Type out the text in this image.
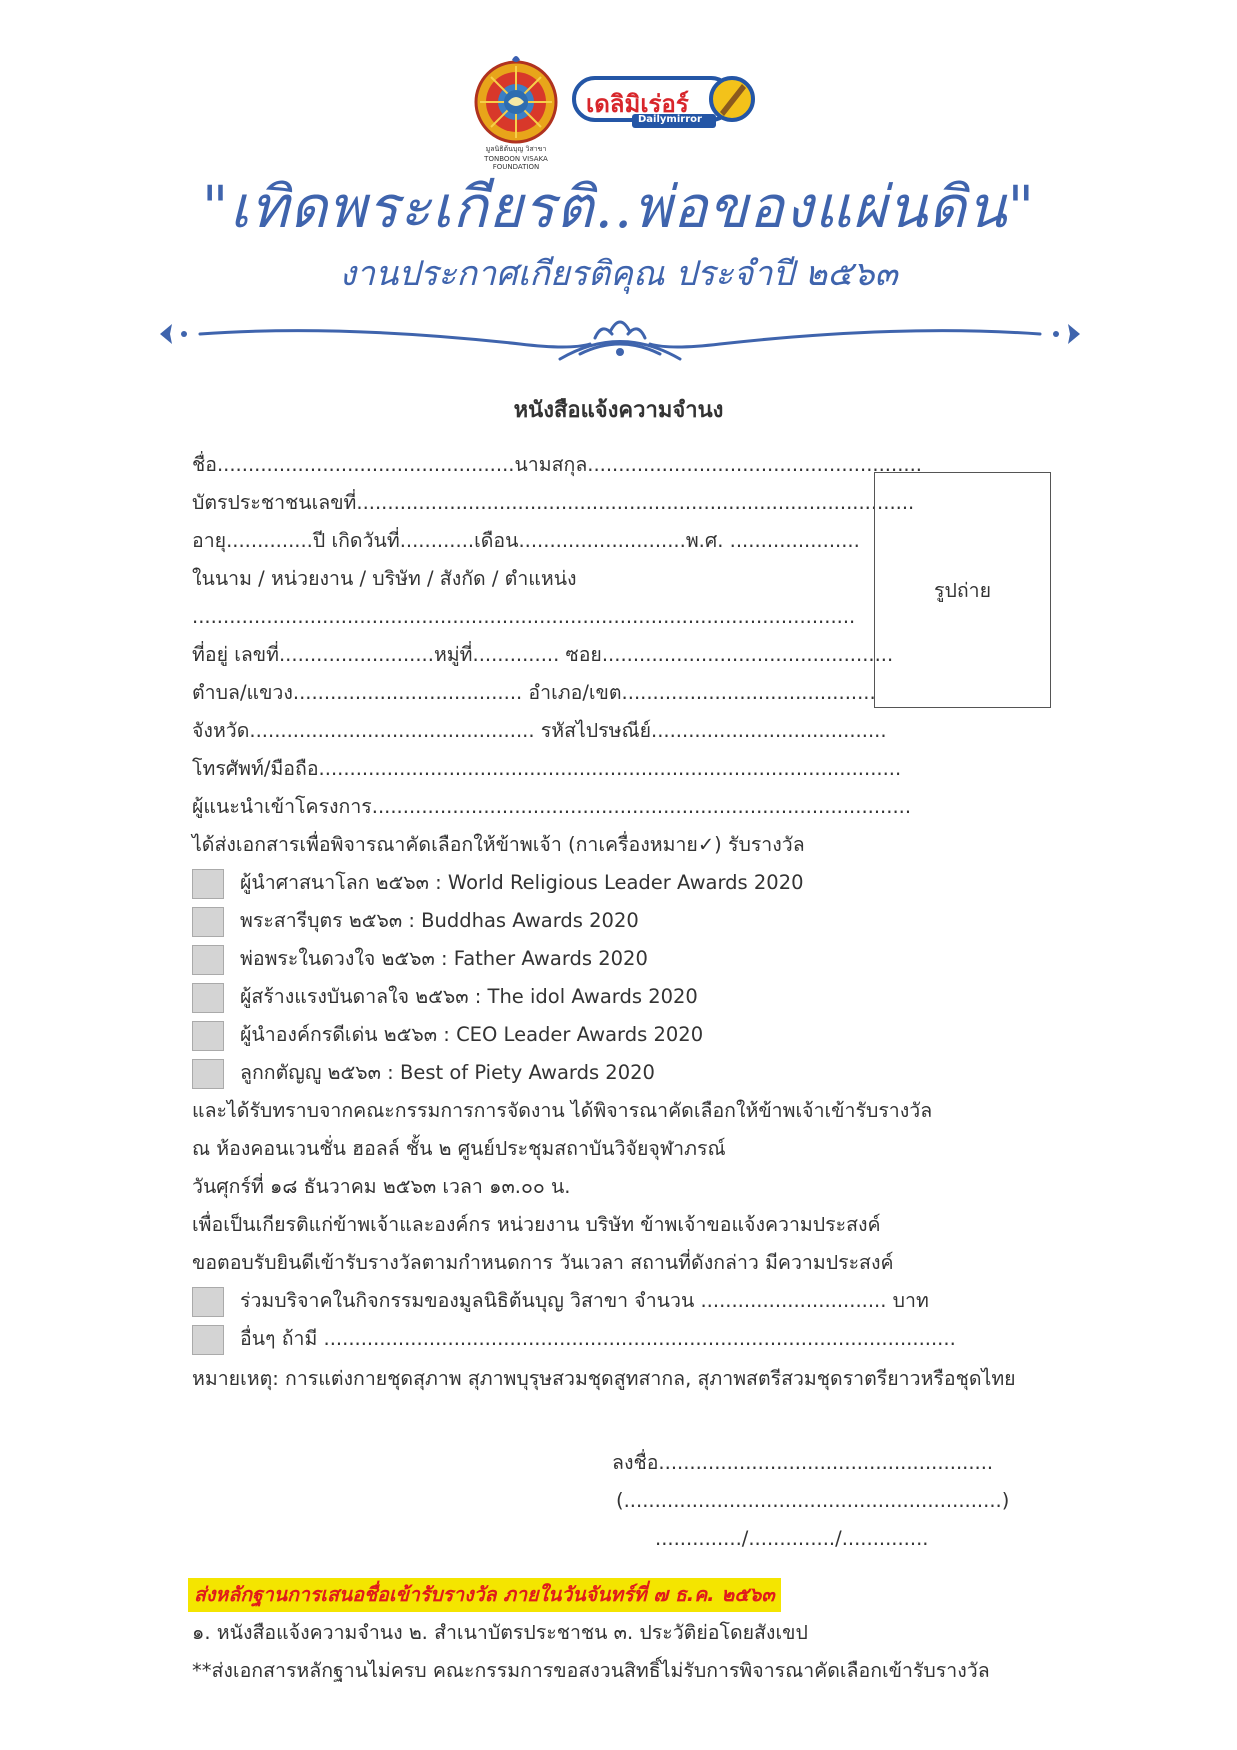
มูลนิธิต้นบุญ วิสาขา TONBOON VISAKA FOUNDATION
เดลิมิเร่อร์
Dailymirror
"เทิดพระเกียรติ..พ่อของแผ่นดิน"
งานประกาศเกียรติคุณ ประจำปี ๒๕๖๓
หนังสือแจ้งความจำนง
ชื่อ................................................นามสกุล......................................................
บัตรประชาชนเลขที่..........................................................................................
อายุ..............ปี เกิดวันที่............เดือน...........................พ.ศ. .....................
ในนาม / หน่วยงาน / บริษัท / สังกัด / ตำแหน่ง
...........................................................................................................
ที่อยู่ เลขที่.........................หมู่ที่.............. ซอย...............................................
ตำบล/แขวง..................................... อำเภอ/เขต.........................................
จังหวัด.............................................. รหัสไปรษณีย์......................................
โทรศัพท์/มือถือ..............................................................................................
ผู้แนะนำเข้าโครงการ.......................................................................................
ได้ส่งเอกสารเพื่อพิจารณาคัดเลือกให้ข้าพเจ้า (กาเครื่องหมาย✓) รับรางวัล
รูปถ่าย
ผู้นำศาสนาโลก ๒๕๖๓ : World Religious Leader Awards 2020
พระสารีบุตร ๒๕๖๓ : Buddhas Awards 2020
พ่อพระในดวงใจ ๒๕๖๓ : Father Awards 2020
ผู้สร้างแรงบันดาลใจ ๒๕๖๓ : The idol Awards 2020
ผู้นำองค์กรดีเด่น ๒๕๖๓ : CEO Leader Awards 2020
ลูกกตัญญู ๒๕๖๓ : Best of Piety Awards 2020
และได้รับทราบจากคณะกรรมการการจัดงาน ได้พิจารณาคัดเลือกให้ข้าพเจ้าเข้ารับรางวัล
ณ ห้องคอนเวนชั่น ฮอลล์ ชั้น ๒ ศูนย์ประชุมสถาบันวิจัยจุฬาภรณ์
วันศุกร์ที่ ๑๘ ธันวาคม ๒๕๖๓ เวลา ๑๓.๐๐ น.
เพื่อเป็นเกียรติแก่ข้าพเจ้าและองค์กร หน่วยงาน บริษัท ข้าพเจ้าขอแจ้งความประสงค์
ขอตอบรับยินดีเข้ารับรางวัลตามกำหนดการ วันเวลา สถานที่ดังกล่าว มีความประสงค์
ร่วมบริจาคในกิจกรรมของมูลนิธิต้นบุญ วิสาขา จำนวน .............................. บาท
อื่นๆ ถ้ามี ......................................................................................................
หมายเหตุ: การแต่งกายชุดสุภาพ สุภาพบุรุษสวมชุดสูทสากล, สุภาพสตรีสวมชุดราตรียาวหรือชุดไทย
ลงชื่อ......................................................
(.............................................................)
............../............../..............
ส่งหลักฐานการเสนอชื่อเข้ารับรางวัล ภายในวันจันทร์ที่ ๗ ธ.ค. ๒๕๖๓
๑. หนังสือแจ้งความจำนง ๒. สำเนาบัตรประชาชน ๓. ประวัติย่อโดยสังเขป
**ส่งเอกสารหลักฐานไม่ครบ คณะกรรมการขอสงวนสิทธิ์ไม่รับการพิจารณาคัดเลือกเข้ารับรางวัล
